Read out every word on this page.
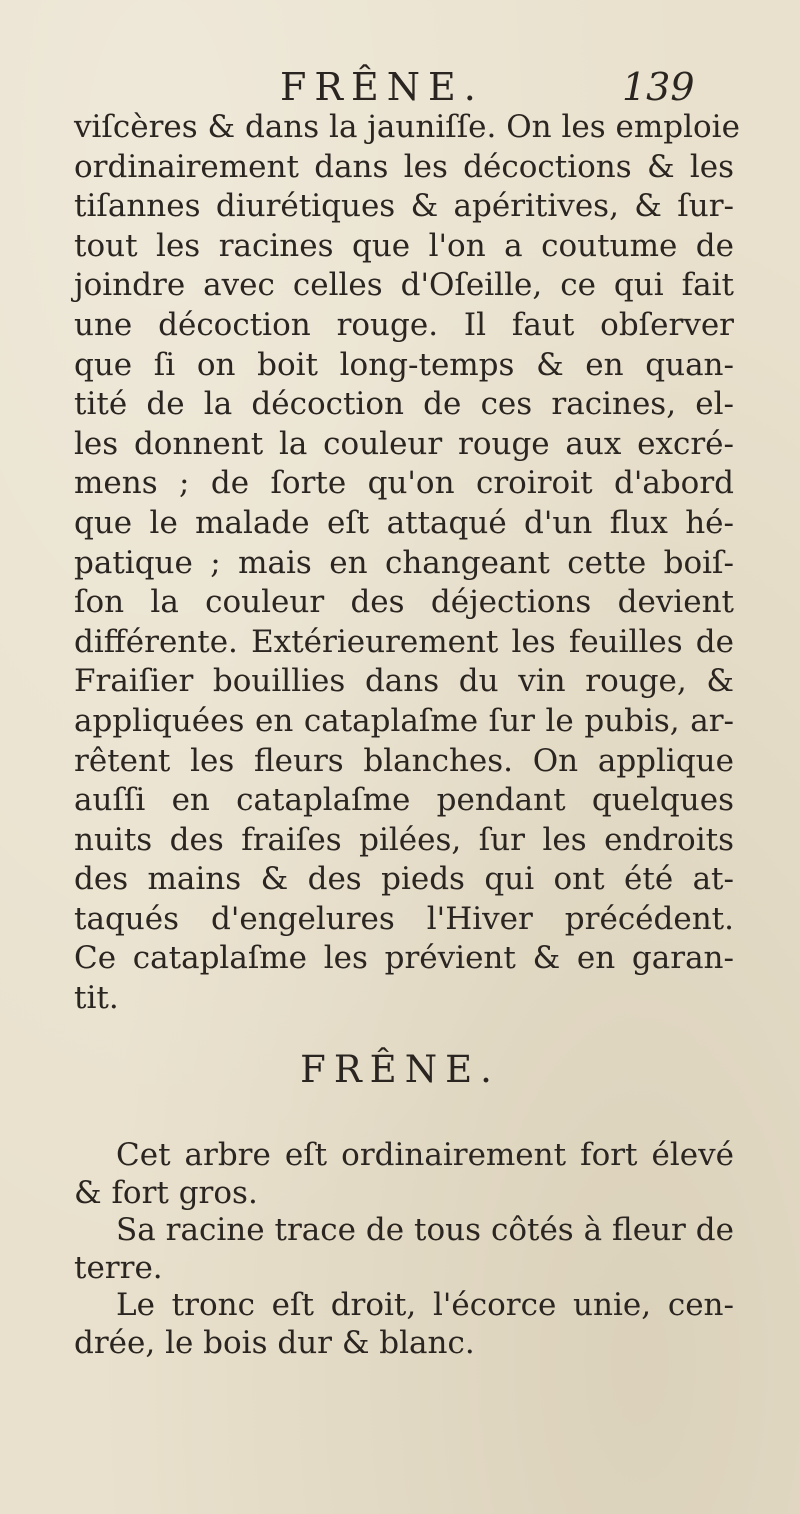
FRÊNE.	139
viſcères & dans la jauniſſe. On les emploie
ordinairement dans les décoctions & les
tiſannes diurétiques & apéritives, & ſur-
tout les racines que l'on a coutume de
joindre avec celles d'Oſeille, ce qui fait
une décoction rouge. Il faut obſerver
que ſi on boit long-temps & en quan-
tité de la décoction de ces racines, el-
les donnent la couleur rouge aux excré-
mens ; de ſorte qu'on croiroit d'abord
que le malade eſt attaqué d'un flux hé-
patique ; mais en changeant cette boiſ-
ſon la couleur des déjections devient
différente. Extérieurement les feuilles de
Fraiſier bouillies dans du vin rouge, &
appliquées en cataplaſme ſur le pubis, ar-
rêtent les fleurs blanches. On applique
auſſi en cataplaſme pendant quelques
nuits des fraiſes pilées, ſur les endroits
des mains & des pieds qui ont été at-
taqués d'engelures l'Hiver précédent.
Ce cataplaſme les prévient & en garan-
tit.
FRÊNE.
Cet arbre eſt ordinairement fort élevé
& fort gros.
Sa racine trace de tous côtés à fleur de
terre.
Le tronc eſt droit, l'écorce unie, cen-
drée, le bois dur & blanc.
